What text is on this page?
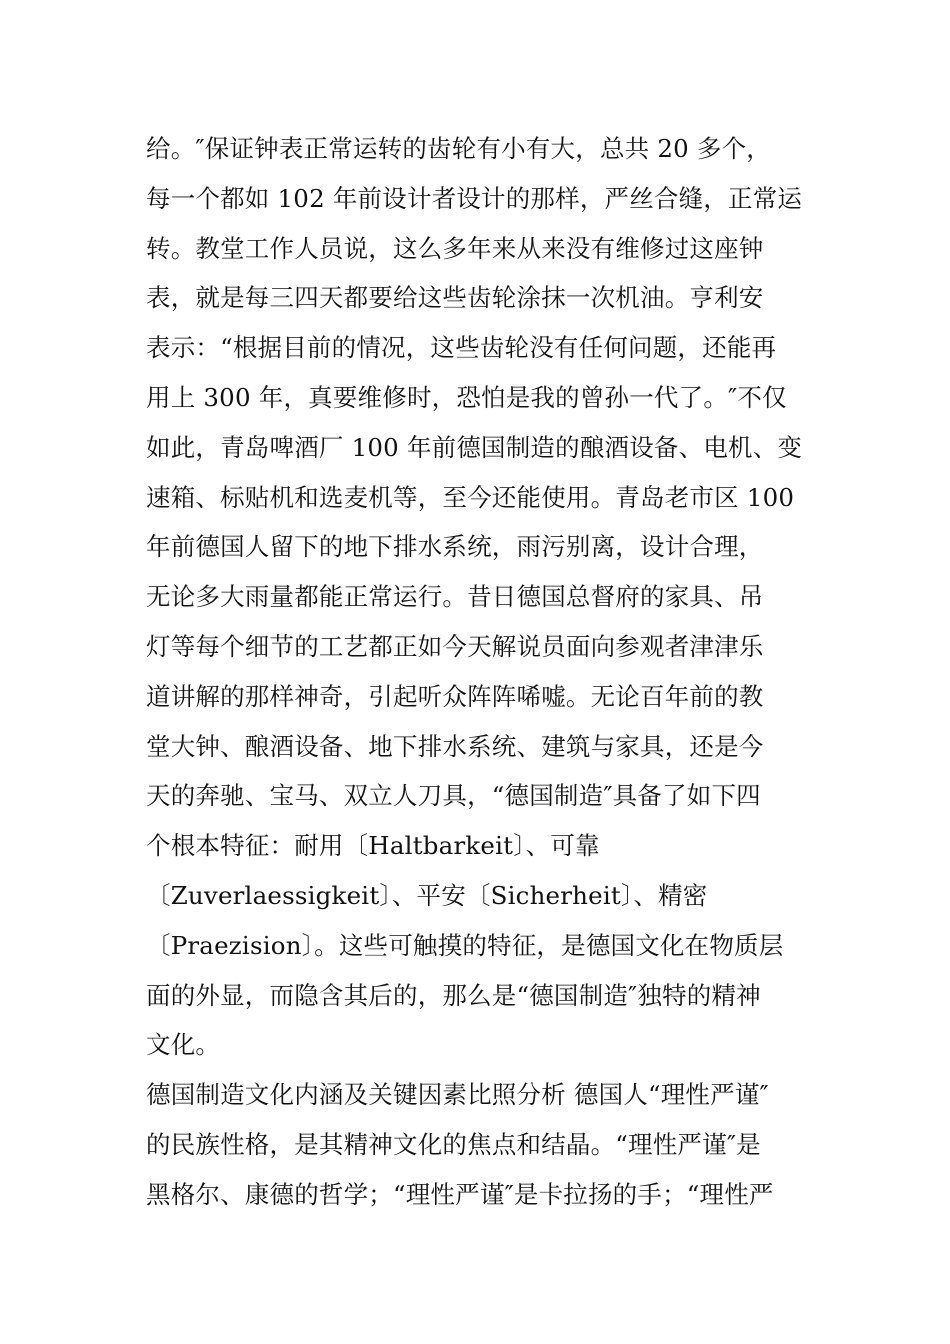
给。″保证钟表正常运转的齿轮有小有大，总共 20 多个，
每一个都如 102 年前设计者设计的那样，严丝合缝，正常运
转。教堂工作人员说，这么多年来从来没有维修过这座钟
表，就是每三四天都要给这些齿轮涂抹一次机油。亨利安
表示：“根据目前的情况，这些齿轮没有任何问题，还能再
用上 300 年，真要维修时，恐怕是我的曾孙一代了。″不仅
如此，青岛啤酒厂 100 年前德国制造的酿酒设备、电机、变
速箱、标贴机和选麦机等，至今还能使用。青岛老市区 100
年前德国人留下的地下排水系统，雨污别离，设计合理，
无论多大雨量都能正常运行。昔日德国总督府的家具、吊
灯等每个细节的工艺都正如今天解说员面向参观者津津乐
道讲解的那样神奇，引起听众阵阵唏嘘。无论百年前的教
堂大钟、酿酒设备、地下排水系统、建筑与家具，还是今
天的奔驰、宝马、双立人刀具，“德国制造″具备了如下四
个根本特征：耐用〔Haltbarkeit〕、可靠
〔Zuverlaessigkeit〕、平安〔Sicherheit〕、精密
〔Praezision〕。这些可触摸的特征，是德国文化在物质层
面的外显，而隐含其后的，那么是“德国制造″独特的精神
文化。
德国制造文化内涵及关键因素比照分析 德国人“理性严谨″
的民族性格，是其精神文化的焦点和结晶。“理性严谨″是
黑格尔、康德的哲学；“理性严谨″是卡拉扬的手；“理性严
